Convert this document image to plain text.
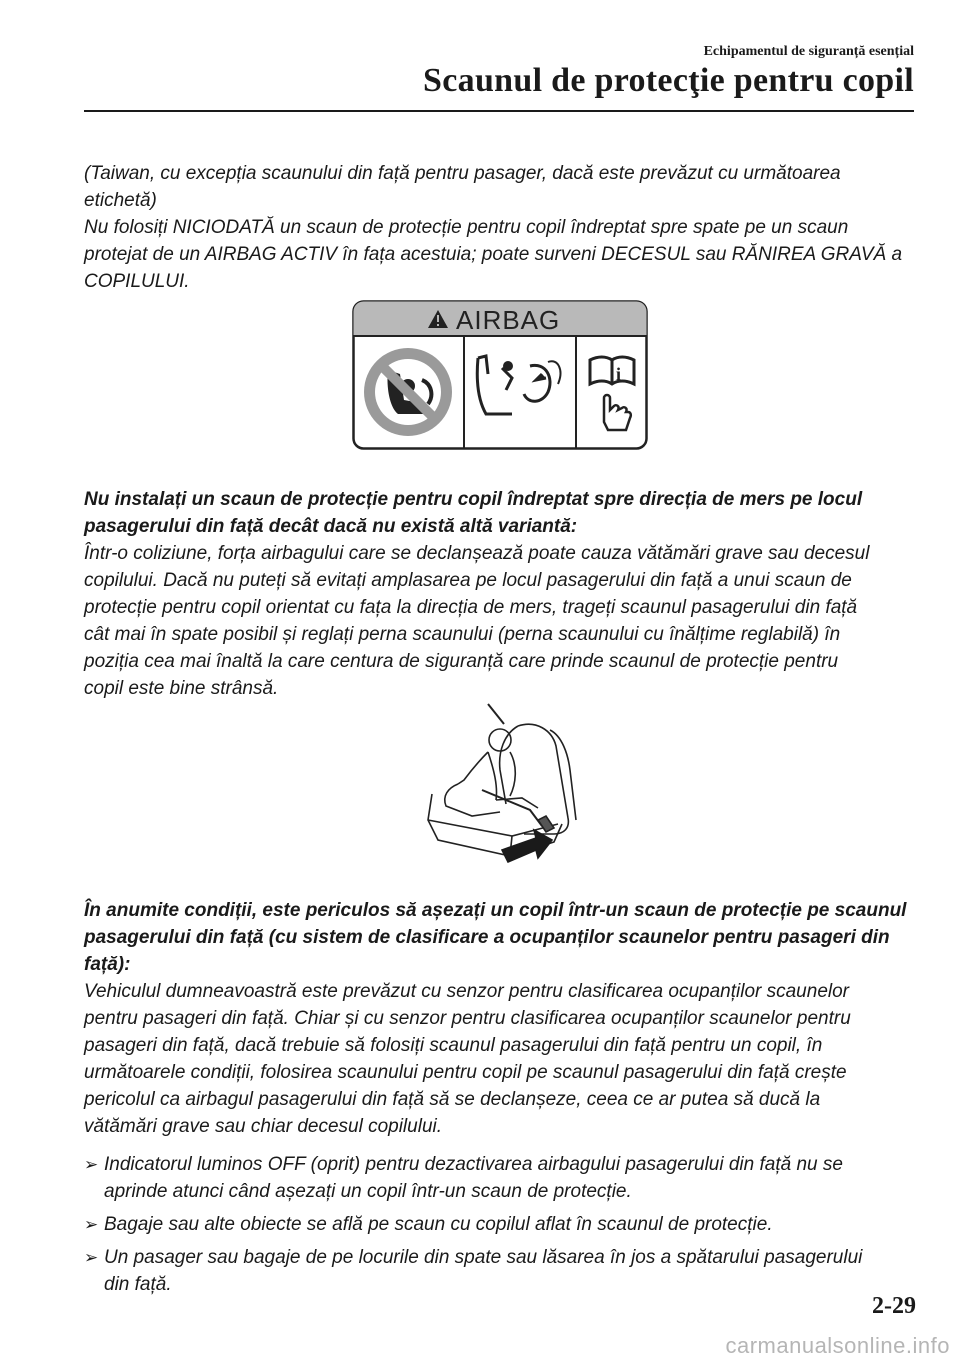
Echipamentul de siguranță esențial
Scaunul de protecţie pentru copil

(Taiwan, cu excepția scaunului din față pentru pasager, dacă este prevăzut cu următoarea

etichetă)

Nu folosiți NICIODATĂ un scaun de protecție pentru copil îndreptat spre spate pe un scaun

protejat de un AIRBAG ACTIV în fața acestuia; poate surveni DECESUL sau RĂNIREA GRAVĂ a

COPILULUI.

AIRBAG
i

Nu instalați un scaun de protecție pentru copil îndreptat spre direcția de mers pe locul

pasagerului din față decât dacă nu există altă variantă:

Într-o coliziune, forța airbagului care se declanșează poate cauza vătămări grave sau decesul

copilului. Dacă nu puteți să evitați amplasarea pe locul pasagerului din față a unui scaun de

protecție pentru copil orientat cu fața la direcția de mers, trageți scaunul pasagerului din față

cât mai în spate posibil și reglați perna scaunului (perna scaunului cu înălțime reglabilă) în

poziția cea mai înaltă la care centura de siguranță care prinde scaunul de protecție pentru

copil este bine strânsă.

În anumite condiții, este periculos să așezați un copil într-un scaun de protecție pe scaunul

pasagerului din față (cu sistem de clasificare a ocupanților scaunelor pentru pasageri din

față):

Vehiculul dumneavoastră este prevăzut cu senzor pentru clasificarea ocupanților scaunelor

pentru pasageri din față. Chiar și cu senzor pentru clasificarea ocupanților scaunelor pentru

pasageri din față, dacă trebuie să folosiți scaunul pasagerului din față pentru un copil, în

următoarele condiții, folosirea scaunului pentru copil pe scaunul pasagerului din față crește

pericolul ca airbagul pasagerului din față să se declanșeze, ceea ce ar putea să ducă la

vătămări grave sau chiar decesul copilului.

➢ Indicatorul luminos OFF (oprit) pentru dezactivarea airbagului pasagerului din față nu se
aprinde atunci când așezați un copil într-un scaun de protecție.
➢ Bagaje sau alte obiecte se află pe scaun cu copilul aflat în scaunul de protecție.
➢ Un pasager sau bagaje de pe locurile din spate sau lăsarea în jos a spătarului pasagerului
din față.
2-29
carmanualsonline.info
